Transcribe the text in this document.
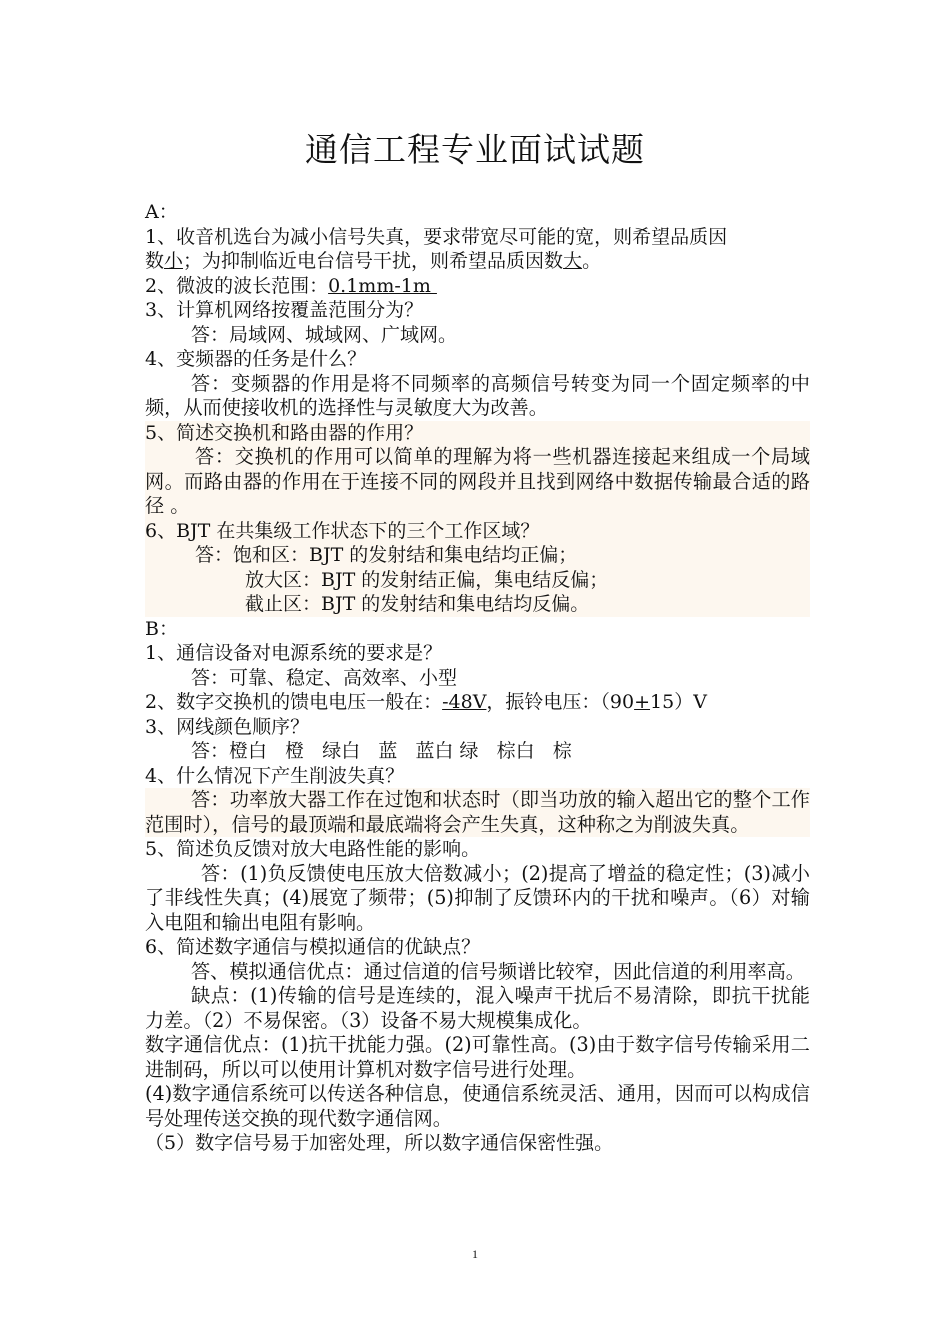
通信工程专业面试试题
A：
1、收音机选台为减小信号失真，要求带宽尽可能的宽，则希望品质因
数小；为抑制临近电台信号干扰，则希望品质因数大。
2、微波的波长范围：0.1mm-1m
3、计算机网络按覆盖范围分为？
答：局域网、城域网、广域网。
4、变频器的任务是什么？
答：变频器的作用是将不同频率的高频信号转变为同一个固定频率的中频，从而使接收机的选择性与灵敏度大为改善。
5、简述交换机和路由器的作用？
答：交换机的作用可以简单的理解为将一些机器连接起来组成一个局域网。而路由器的作用在于连接不同的网段并且找到网络中数据传输最合适的路径 。
6、BJT 在共集级工作状态下的三个工作区域？
答：饱和区：BJT 的发射结和集电结均正偏；
放大区：BJT 的发射结正偏，集电结反偏；
截止区：BJT 的发射结和集电结均反偏。
B：
1、通信设备对电源系统的要求是？
答：可靠、稳定、高效率、小型
2、数字交换机的馈电电压一般在：-48V，振铃电压：（90+15）V
3、网线颜色顺序？
答：橙白   橙   绿白   蓝   蓝白 绿   棕白   棕
4、什么情况下产生削波失真？
答：功率放大器工作在过饱和状态时（即当功放的输入超出它的整个工作范围时），信号的最顶端和最底端将会产生失真，这种称之为削波失真。
5、简述负反馈对放大电路性能的影响。
答：(1)负反馈使电压放大倍数减小；(2)提高了增益的稳定性；(3)减小了非线性失真；(4)展宽了频带；(5)抑制了反馈环内的干扰和噪声。（6）对输入电阻和输出电阻有影响。
6、简述数字通信与模拟通信的优缺点？
答、模拟通信优点：通过信道的信号频谱比较窄，因此信道的利用率高。
缺点：(1)传输的信号是连续的，混入噪声干扰后不易清除，即抗干扰能力差。（2）不易保密。（3）设备不易大规模集成化。
数字通信优点：(1)抗干扰能力强。(2)可靠性高。(3)由于数字信号传输采用二进制码，所以可以使用计算机对数字信号进行处理。
(4)数字通信系统可以传送各种信息，使通信系统灵活、通用，因而可以构成信号处理传送交换的现代数字通信网。
（5）数字信号易于加密处理，所以数字通信保密性强。
1
